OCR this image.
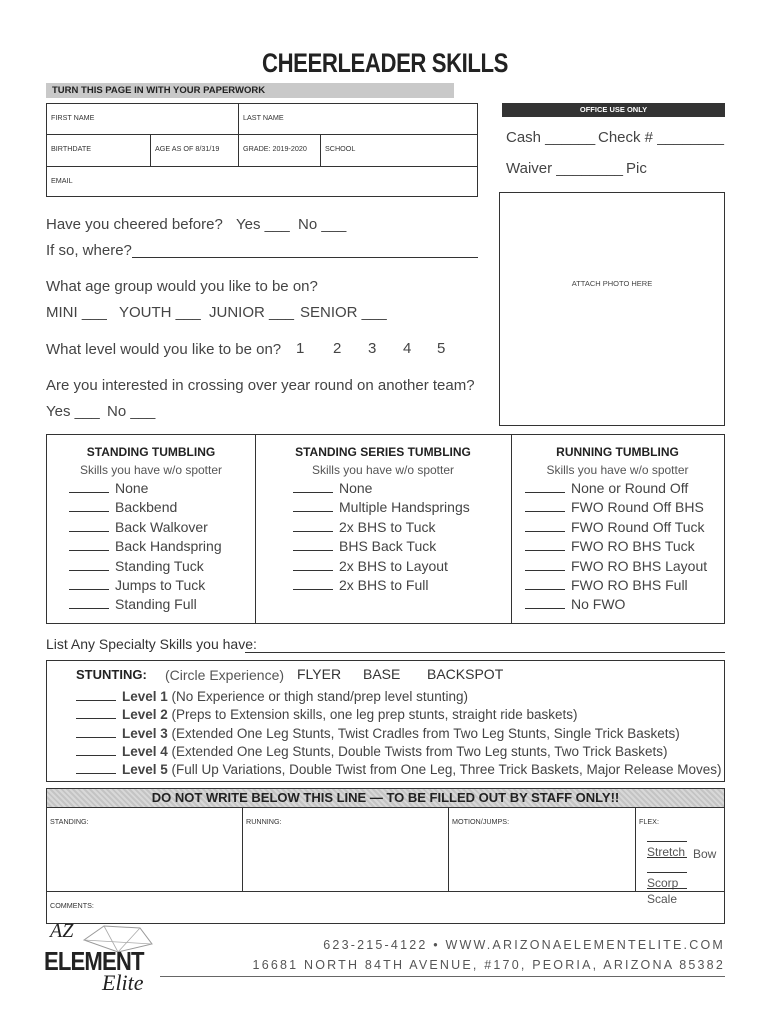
CHEERLEADER SKILLS
TURN THIS PAGE IN WITH YOUR PAPERWORK
FIRST NAME	LAST NAME
BIRTHDATE	AGE AS OF 8/31/19	GRADE: 2019-2020	SCHOOL
EMAIL
OFFICE USE ONLY
Cash ______ Check # ________
Waiver ________ Pic _________
ATTACH PHOTO HERE
Have you cheered before? Yes ___ No ___
If so, where?
What age group would you like to be on?
MINI ___ YOUTH ___ JUNIOR ___ SENIOR ___
What level would you like to be on? 1 2 3 4 5
Are you interested in crossing over year round on another team?
Yes ___ No ___
STANDING TUMBLING
Skills you have w/o spotter
None
Backbend
Back Walkover
Back Handspring
Standing Tuck
Jumps to Tuck
Standing Full
STANDING SERIES TUMBLING
Skills you have w/o spotter
None
Multiple Handsprings
2x BHS to Tuck
BHS Back Tuck
2x BHS to Layout
2x BHS to Full
RUNNING TUMBLING
Skills you have w/o spotter
None or Round Off
FWO Round Off BHS
FWO Round Off Tuck
FWO RO BHS Tuck
FWO RO BHS Layout
FWO RO BHS Full
No FWO
List Any Specialty Skills you have:
STUNTING: (Circle Experience) FLYER BASE BACKSPOT
Level 1 (No Experience or thigh stand/prep level stunting)
Level 2 (Preps to Extension skills, one leg prep stunts, straight ride baskets)
Level 3 (Extended One Leg Stunts, Twist Cradles from Two Leg Stunts, Single Trick Baskets)
Level 4 (Extended One Leg Stunts, Double Twists from Two Leg stunts, Two Trick Baskets)
Level 5 (Full Up Variations, Double Twist from One Leg, Three Trick Baskets, Major Release Moves)
DO NOT WRITE BELOW THIS LINE — TO BE FILLED OUT BY STAFF ONLY!!
STANDING:	RUNNING:	MOTION/JUMPS:	FLEX:
Stretch Bow
Scorp
Scale
COMMENTS:
AZ
ELEMENT
Elite
623-215-4122 • WWW.ARIZONAELEMENTELITE.COM
16681 NORTH 84TH AVENUE, #170, PEORIA, ARIZONA 85382
